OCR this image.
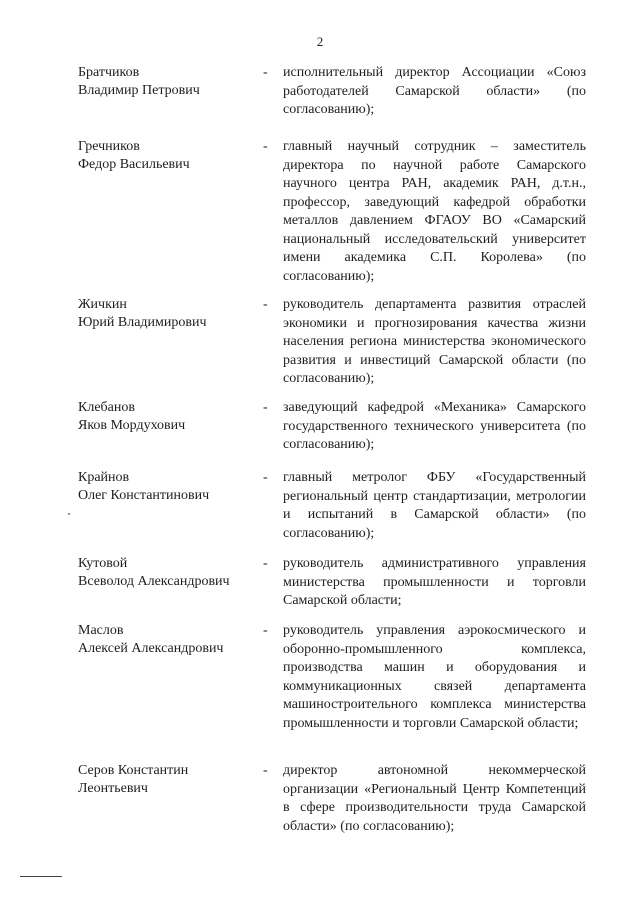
2
Братчиков
Владимир Петрович
- исполнительный директор Ассоциации «Союз работодателей Самарской области» (по согласованию);
Гречников
Федор Васильевич
- главный научный сотрудник – заместитель директора по научной работе Самарского научного центра РАН, академик РАН, д.т.н., профессор, заведующий кафедрой обработки металлов давлением ФГАОУ ВО «Самарский национальный исследовательский университет имени академика С.П. Королева» (по согласованию);
Жичкин
Юрий Владимирович
- руководитель департамента развития отраслей экономики и прогнозирования качества жизни населения региона министерства экономического развития и инвестиций Самарской области (по согласованию);
Клебанов
Яков Мордухович
- заведующий кафедрой «Механика» Самарского государственного технического университета (по согласованию);
Крайнов
Олег Константинович
- главный метролог ФБУ «Государственный региональный центр стандартизации, метрологии и испытаний в Самарской области» (по согласованию);
Кутовой
Всеволод Александрович
- руководитель административного управления министерства промышленности и торговли Самарской области;
Маслов
Алексей Александрович
- руководитель управления аэрокосмического и оборонно-промышленного комплекса, производства машин и оборудования и коммуникационных связей департамента машиностроительного комплекса министерства промышленности и торговли Самарской области;
Серов Константин
Леонтьевич
- директор автономной некоммерческой организации «Региональный Центр Компетенций в сфере производительности труда Самарской области» (по согласованию);
